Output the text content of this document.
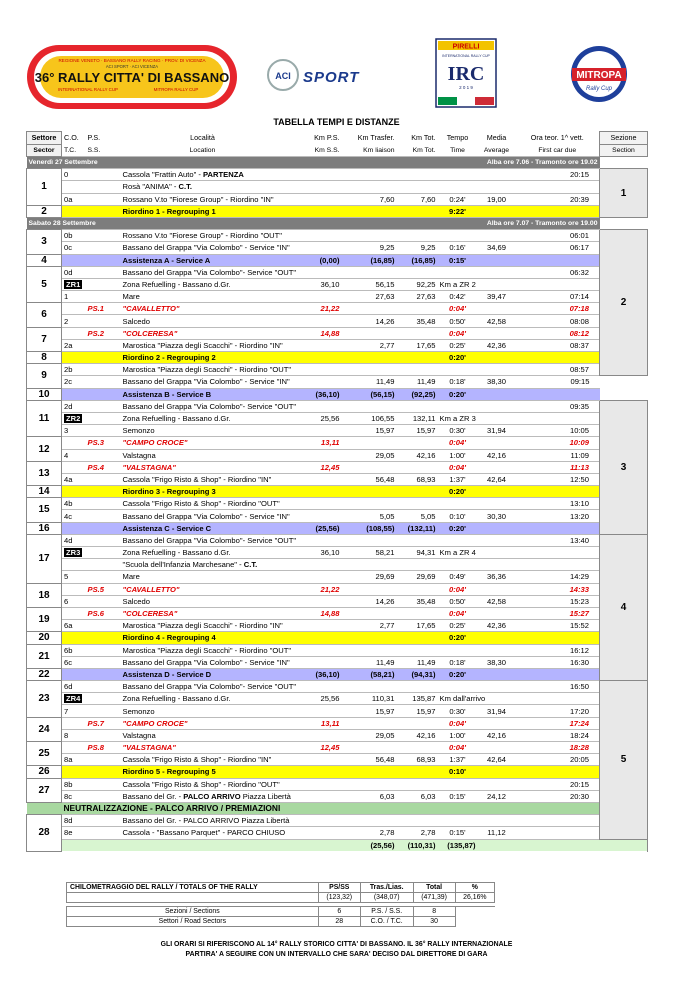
REGIONE VENETO · BASSANO RALLY RACING · PROV. DI VICENZA
ACI SPORT · ACI VICENZA
36° RALLY CITTA' DI BASSANO
INTERNATIONAL RALLY CUP	MITROPA RALLY CUP
ACI SPORT
PIRELLI
INTERNATIONAL RALLY CUP
IRC
2 0 1 9
MITROPA
Rally Cup
TABELLA TEMPI E DISTANZE
Settore	C.O.	P.S.	Località	Km P.S.	Km Trasfer.	Km Tot.	Tempo	Media	Ora teor. 1^ vett.	Sezione	
Sector	T.C.	S.S.	Location	Km S.S.	Km liaison	Km Tot.	Time	Average	First car due	Section	
Venerdì 27 Settembre				Alba ore 7.06 - Tramonto ore 19.02							
1	0		Cassola "Frattin Auto" - PARTENZA						20:15	1	
			Rosà "ANIMA" - C.T.								
	0a		Rossano V.to "Fiorese Group" - Riordino "IN"		7,60	7,60	0:24'	19,00	20:39		
2			Riordino 1 - Regrouping 1				9:22'				
Sabato 28 Settembre				Alba ore 7.07 - Tramonto ore 19.00							
3	0b		Rossano V.to "Fiorese Group" - Riordino "OUT"						06:01	2	
	0c		Bassano del Grappa "Via Colombo" - Service "IN"		9,25	9,25	0:16'	34,69	06:17		
4			Assistenza A - Service A	(0,00)	(16,85)	(16,85)	0:15'				
5	0d		Bassano del Grappa "Via Colombo"- Service "OUT"						06:32		
	ZR1		Zona Refuelling - Bassano d.Gr.	36,10	56,15	92,25	Km a ZR 2				
	1		Mare		27,63	27,63	0:42'	39,47	07:14		
6		PS.1	"CAVALLETTO"	21,22			0:04'		07:18		
	2		Salcedo		14,26	35,48	0:50'	42,58	08:08		
7		PS.2	"COLCERESA"	14,88			0:04'		08:12		
	2a		Marostica "Piazza degli Scacchi" - Riordino "IN"		2,77	17,65	0:25'	42,36	08:37		
8			Riordino 2 - Regrouping 2				0:20'				
9	2b		Marostica "Piazza degli Scacchi" - Riordino "OUT"						08:57		
	2c		Bassano del Grappa "Via Colombo" - Service "IN"		11,49	11,49	0:18'	38,30	09:15		
10			Assistenza B - Service B	(36,10)	(56,15)	(92,25)	0:20'				
11	2d		Bassano del Grappa "Via Colombo"- Service "OUT"						09:35	3	
	ZR2		Zona Refuelling - Bassano d.Gr.	25,56	106,55	132,11	Km a ZR 3				
	3		Semonzo		15,97	15,97	0:30'	31,94	10:05		
12		PS.3	"CAMPO CROCE"	13,11			0:04'		10:09		
	4		Valstagna		29,05	42,16	1:00'	42,16	11:09		
13		PS.4	"VALSTAGNA"	12,45			0:04'		11:13		
	4a		Cassola "Frigo Risto & Shop" - Riordino "IN"		56,48	68,93	1:37'	42,64	12:50		
14			Riordino 3 - Regrouping 3				0:20'				
15	4b		Cassola "Frigo Risto & Shop" - Riordino "OUT"						13:10		
	4c		Bassano del Grappa "Via Colombo" - Service "IN"		5,05	5,05	0:10'	30,30	13:20		
16			Assistenza C - Service C	(25,56)	(108,55)	(132,11)	0:20'				
17	4d		Bassano del Grappa "Via Colombo"- Service "OUT"						13:40	4	
	ZR3		Zona Refuelling - Bassano d.Gr.	36,10	58,21	94,31	Km a ZR 4				
			"Scuola dell'Infanzia Marchesane" - C.T.								
	5		Mare		29,69	29,69	0:49'	36,36	14:29		
18		PS.5	"CAVALLETTO"	21,22			0:04'		14:33		
	6		Salcedo		14,26	35,48	0:50'	42,58	15:23		
19		PS.6	"COLCERESA"	14,88			0:04'		15:27		
	6a		Marostica "Piazza degli Scacchi" - Riordino "IN"		2,77	17,65	0:25'	42,36	15:52		
20			Riordino 4 - Regrouping 4				0:20'				
21	6b		Marostica "Piazza degli Scacchi" - Riordino "OUT"						16:12		
	6c		Bassano del Grappa "Via Colombo" - Service "IN"		11,49	11,49	0:18'	38,30	16:30		
22			Assistenza D - Service D	(36,10)	(58,21)	(94,31)	0:20'				
23	6d		Bassano del Grappa "Via Colombo"- Service "OUT"						16:50	5	
	ZR4		Zona Refuelling - Bassano d.Gr.	25,56	110,31	135,87	Km dall'arrivo				
	7		Semonzo		15,97	15,97	0:30'	31,94	17:20		
24		PS.7	"CAMPO CROCE"	13,11			0:04'		17:24		
	8		Valstagna		29,05	42,16	1:00'	42,16	18:24		
25		PS.8	"VALSTAGNA"	12,45			0:04'		18:28		
	8a		Cassola "Frigo Risto & Shop" - Riordino "IN"		56,48	68,93	1:37'	42,64	20:05		
26			Riordino 5 - Regrouping 5				0:10'				
27	8b		Cassola "Frigo Risto & Shop" - Riordino "OUT"						20:15		
	8c		Bassano del Gr. - PALCO ARRIVO Piazza Libertà		6,03	6,03	0:15'	24,12	20:30		
	NEUTRALIZZAZIONE - PALCO ARRIVO / PREMIAZIONI	
28	8d		Bassano del Gr. - PALCO ARRIVO Piazza Libertà								
	8e		Cassola - "Bassano Parquet" - PARCO CHIUSO		2,78	2,78	0:15'	11,12			
					(25,56)	(110,31)	(135,87)				
CHILOMETRAGGIO DEL RALLY / TOTALS OF THE RALLY	PS/SS	Tras./Lias.	Total	%
	(123,32)	(348,07)	(471,39)	26,16%

Sezioni / Sections	6	P.S. / S.S.	8	
Settori / Road Sectors	28	C.O. / T.C.	30	
GLI ORARI SI RIFERISCONO AL 14° RALLY STORICO CITTA' DI BASSANO. IL 36° RALLY INTERNAZIONALE
PARTIRA' A SEGUIRE CON UN INTERVALLO CHE SARA' DECISO DAL DIRETTORE DI GARA
